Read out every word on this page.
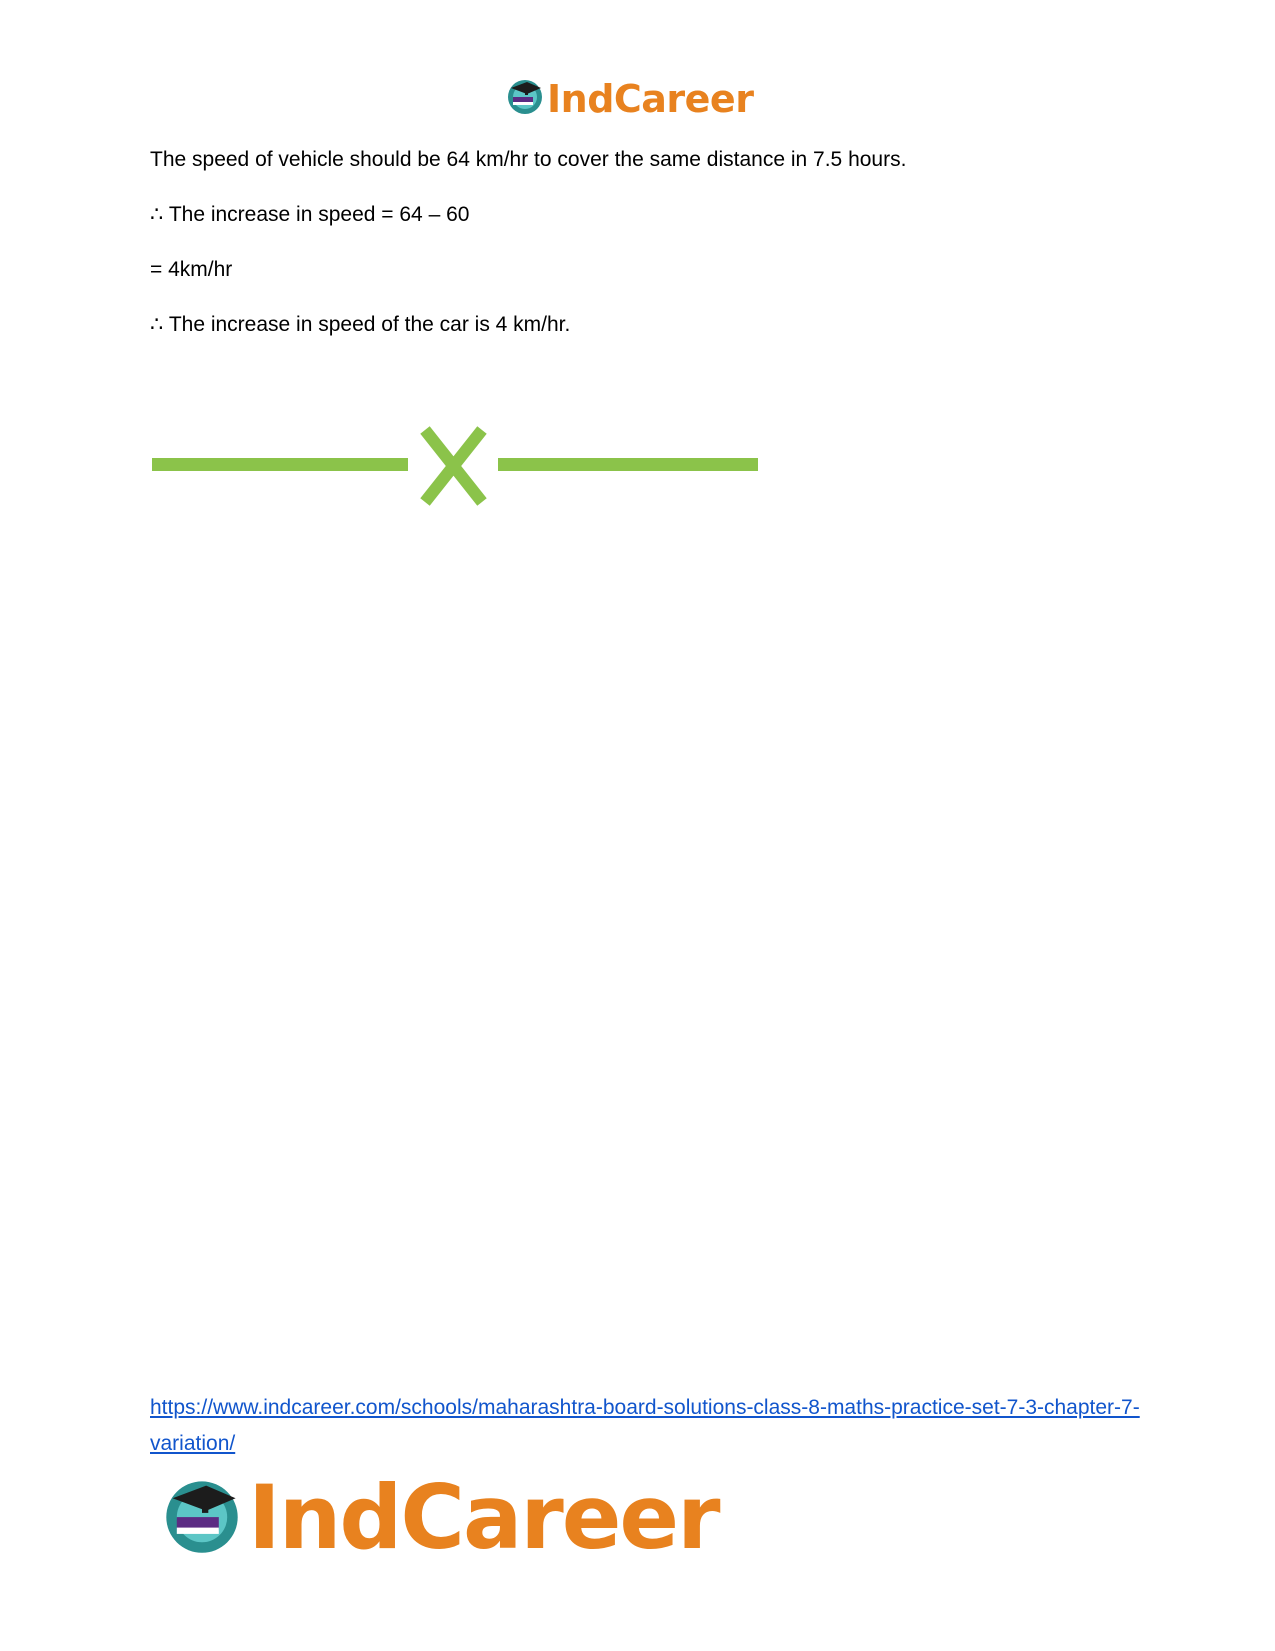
IndCareer

The speed of vehicle should be 64 km/hr to cover the same distance in 7.5 hours.

∴ The increase in speed = 64 – 60

= 4km/hr

∴ The increase in speed of the car is 4 km/hr.

https://www.indcareer.com/schools/maharashtra-board-solutions-class-8-maths-practice-set-7-3-chapter-7-variation/
IndCareer
